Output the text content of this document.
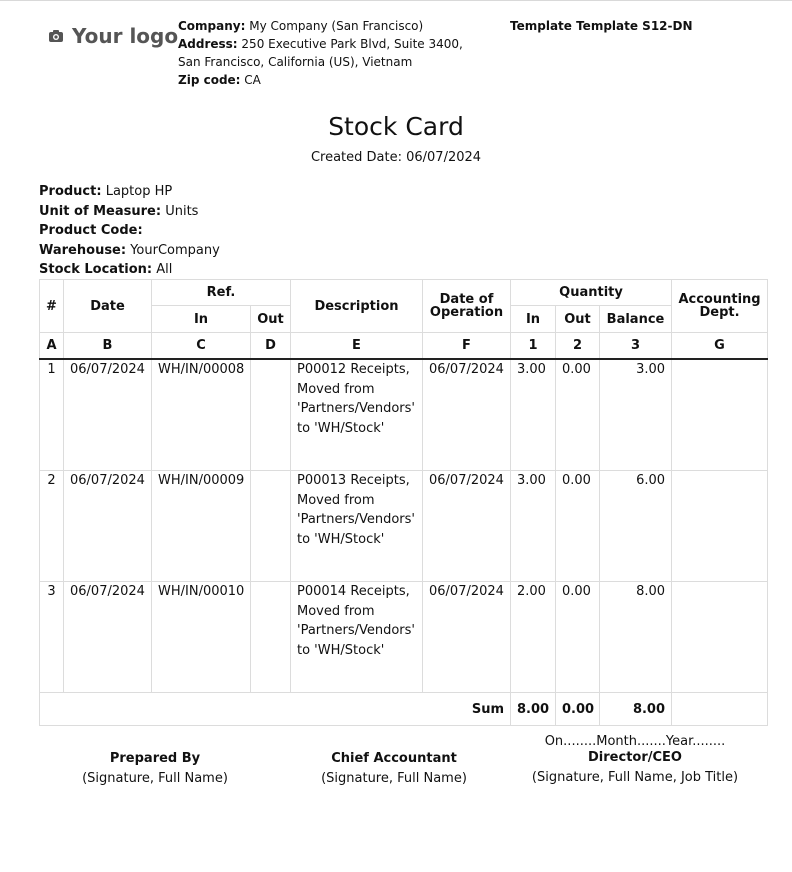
Your logo Company: My Company (San Francisco)
Address: 250 Executive Park Blvd, Suite 3400, San Francisco, California (US), Vietnam
Zip code: CA
Template Template S12-DN
Stock Card
Created Date: 06/07/2024
Product: Laptop HP
Unit of Measure: Units
Product Code:
Warehouse: YourCompany
Stock Location: All
#	Date	Ref.		Description	Date of Operation	Quantity			Accounting Dept.
		In	Out			In	Out	Balance	
A	B	C	D	E	F	1	2	3	G
1	06/07/2024	WH/IN/00008		P00012 Receipts, Moved from 'Partners/Vendors' to 'WH/Stock'	06/07/2024	3.00	0.00	3.00	
2	06/07/2024	WH/IN/00009		P00013 Receipts, Moved from 'Partners/Vendors' to 'WH/Stock'	06/07/2024	3.00	0.00	6.00	
3	06/07/2024	WH/IN/00010		P00014 Receipts, Moved from 'Partners/Vendors' to 'WH/Stock'	06/07/2024	2.00	0.00	8.00	
Sum						8.00	0.00	8.00	
Prepared By
(Signature, Full Name)
Chief Accountant
(Signature, Full Name)
On........Month.......Year........
Director/CEO
(Signature, Full Name, Job Title)
